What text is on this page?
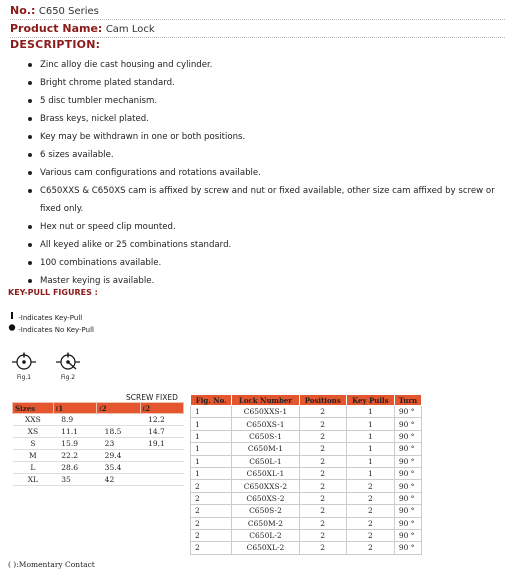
No.: C650 Series
Product Name: Cam Lock
DESCRIPTION:
Zinc alloy die cast housing and cylinder.
Bright chrome plated standard.
5 disc tumbler mechanism.
Brass keys, nickel plated.
Key may be withdrawn in one or both positions.
6 sizes available.
Various cam configurations and rotations available.
C650XXS & C650XS cam is affixed by screw and nut or fixed available, other size cam affixed by screw or fixed only.
Hex nut or speed clip mounted.
All keyed alike or 25 combinations standard.
100 combinations available.
Master keying is available.
KEY-PULL FIGURES :
-Indicates Key-Pull
-Indicates No Key-Pull
Fig.1	Fig.2
SCREW FIXED
Sizes	ℓ1	ℓ2	ℓ2
XXS	8.9		12.2
XS	11.1	18.5	14.7
S	15.9	23	19.1
M	22.2	29.4	
L	28.6	35.4	
XL	35	42	
Fig. No.	Lock Number	Positions	Key Pulls	Turn
1	C650XXS-1	2	1	90 °
1	C650XS-1	2	1	90 °
1	C650S-1	2	1	90 °
1	C650M-1	2	1	90 °
1	C650L-1	2	1	90 °
1	C650XL-1	2	1	90 °
2	C650XXS-2	2	2	90 °
2	C650XS-2	2	2	90 °
2	C650S-2	2	2	90 °
2	C650M-2	2	2	90 °
2	C650L-2	2	2	90 °
2	C650XL-2	2	2	90 °
( ):Momentary Contact
